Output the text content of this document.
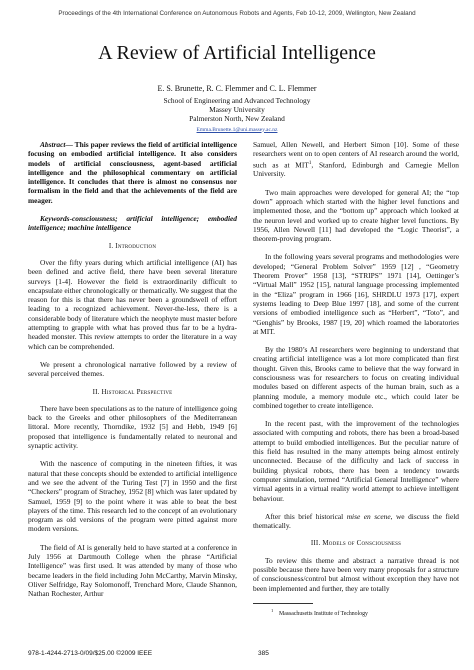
Proceedings of the 4th International Conference on Autonomous Robots and Agents, Feb 10-12, 2009, Wellington, New Zealand
A Review of Artificial Intelligence
E. S. Brunette, R. C. Flemmer and C. L. Flemmer
School of Engineering and Advanced Technology
Massey University
Palmerston North, New Zealand
Emma.Brunette.1@uni.massey.ac.nz

Abstract— This paper reviews the field of artificial intelligence focusing on embodied artificial intelligence. It also considers models of artificial consciousness, agent-based artificial intelligence and the philosophical commentary on artificial intelligence. It concludes that there is almost no consensus nor formalism in the field and that the achievements of the field are meager.

Keywords-consciousness; artificial intelligence; embodied intelligence; machine intelligence

I. Introduction

Over the fifty years during which artificial intelligence (AI) has been defined and active field, there have been several literature surveys [1-4]. However the field is extraordinarily difficult to encapsulate either chronologically or thematically. We suggest that the reason for this is that there has never been a groundswell of effort leading to a recognized achievement. Never-the-less, there is a considerable body of literature which the neophyte must master before attempting to grapple with what has proved thus far to be a hydra-headed monster. This review attempts to order the literature in a way which can be comprehended.

We present a chronological narrative followed by a review of several perceived themes.

II. Historical Perspective

There have been speculations as to the nature of intelligence going back to the Greeks and other philosophers of the Mediterranean littoral. More recently, Thorndike, 1932 [5] and Hebb, 1949 [6] proposed that intelligence is fundamentally related to neuronal and synaptic activity.

With the nascence of computing in the nineteen fifties, it was natural that these concepts should be extended to artificial intelligence and we see the advent of the Turing Test [7] in 1950 and the first “Checkers” program of Strachey, 1952 [8] which was later updated by Samuel, 1959 [9] to the point where it was able to beat the best players of the time. This research led to the concept of an evolutionary program as old versions of the program were pitted against more modern versions.

The field of AI is generally held to have started at a conference in July 1956 at Dartmouth College when the phrase “Artificial Intelligence” was first used. It was attended by many of those who became leaders in the field including John McCarthy, Marvin Minsky, Oliver Selfridge, Ray Solomonoff, Trenchard More, Claude Shannon, Nathan Rochester, Arthur

Samuel, Allen Newell, and Herbert Simon [10]. Some of these researchers went on to open centers of AI research around the world, such as at MIT$^1$, Stanford, Edinburgh and Carnegie Mellon University.

Two main approaches were developed for general AI; the “top down” approach which started with the higher level functions and implemented those, and the “bottom up” approach which looked at the neuron level and worked up to create higher level functions. By 1956, Allen Newell [11] had developed the “Logic Theorist”, a theorem-proving program.

In the following years several programs and methodologies were developed; “General Problem Solver” 1959 [12] , “Geometry Theorem Prover” 1958 [13], “STRIPS” 1971 [14], Oettinger’s “Virtual Mall” 1952 [15], natural language processing implemented in the “Eliza” program in 1966 [16], SHRDLU 1973 [17], expert systems leading to Deep Blue 1997 [18], and some of the current versions of embodied intelligence such as “Herbert”, “Toto”, and “Genghis” by Brooks, 1987 [19, 20] which roamed the laboratories at MIT.

By the 1980’s AI researchers were beginning to understand that creating artificial intelligence was a lot more complicated than first thought. Given this, Brooks came to believe that the way forward in consciousness was for researchers to focus on creating individual modules based on different aspects of the human brain, such as a planning module, a memory module etc., which could later be combined together to create intelligence.

In the recent past, with the improvement of the technologies associated with computing and robots, there has been a broad-based attempt to build embodied intelligences. But the peculiar nature of this field has resulted in the many attempts being almost entirely unconnected. Because of the difficulty and lack of success in building physical robots, there has been a tendency towards computer simulation, termed “Artificial General Intelligence” where virtual agents in a virtual reality world attempt to achieve intelligent behaviour.

After this brief historical mise en scene, we discuss the field thematically.

III. Models of Consciousness

To review this theme and abstract a narrative thread is not possible because there have been very many proposals for a structure of consciousness/control but almost without exception they have not been implemented and further, they are totally

$^1$    Massachusetts Institute of Technology
978-1-4244-2713-0/09/$25.00 ©2009 IEEE	385
